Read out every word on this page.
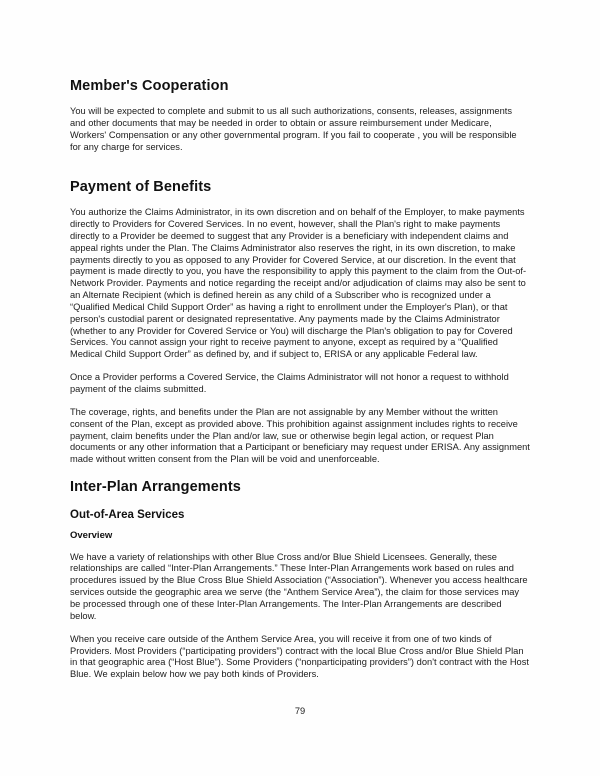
Member's Cooperation

You will be expected to complete and submit to us all such authorizations, consents, releases, assignments and other documents that may be needed in order to obtain or assure reimbursement under Medicare, Workers' Compensation or any other governmental program. If you fail to cooperate , you will be responsible for any charge for services.

Payment of Benefits

You authorize the Claims Administrator, in its own discretion and on behalf of the Employer, to make payments directly to Providers for Covered Services. In no event, however, shall the Plan's right to make payments directly to a Provider be deemed to suggest that any Provider is a beneficiary with independent claims and appeal rights under the Plan. The Claims Administrator also reserves the right, in its own discretion, to make payments directly to you as opposed to any Provider for Covered Service, at our discretion. In the event that payment is made directly to you, you have the responsibility to apply this payment to the claim from the Out-of-Network Provider. Payments and notice regarding the receipt and/or adjudication of claims may also be sent to an Alternate Recipient (which is defined herein as any child of a Subscriber who is recognized under a “Qualified Medical Child Support Order” as having a right to enrollment under the Employer's Plan), or that person's custodial parent or designated representative. Any payments made by the Claims Administrator (whether to any Provider for Covered Service or You) will discharge the Plan's obligation to pay for Covered Services. You cannot assign your right to receive payment to anyone, except as required by a “Qualified Medical Child Support Order” as defined by, and if subject to, ERISA or any applicable Federal law.

Once a Provider performs a Covered Service, the Claims Administrator will not honor a request to withhold payment of the claims submitted.

The coverage, rights, and benefits under the Plan are not assignable by any Member without the written consent of the Plan, except as provided above. This prohibition against assignment includes rights to receive payment, claim benefits under the Plan and/or law, sue or otherwise begin legal action, or request Plan documents or any other information that a Participant or beneficiary may request under ERISA. Any assignment made without written consent from the Plan will be void and unenforceable.

Inter-Plan Arrangements
Out-of-Area Services
Overview

We have a variety of relationships with other Blue Cross and/or Blue Shield Licensees. Generally, these relationships are called “Inter-Plan Arrangements.” These Inter-Plan Arrangements work based on rules and procedures issued by the Blue Cross Blue Shield Association (“Association”). Whenever you access healthcare services outside the geographic area we serve (the “Anthem Service Area”), the claim for those services may be processed through one of these Inter-Plan Arrangements. The Inter-Plan Arrangements are described below.

When you receive care outside of the Anthem Service Area, you will receive it from one of two kinds of Providers. Most Providers (“participating providers”) contract with the local Blue Cross and/or Blue Shield Plan in that geographic area (“Host Blue”). Some Providers (“nonparticipating providers”) don't contract with the Host Blue. We explain below how we pay both kinds of Providers.

79
